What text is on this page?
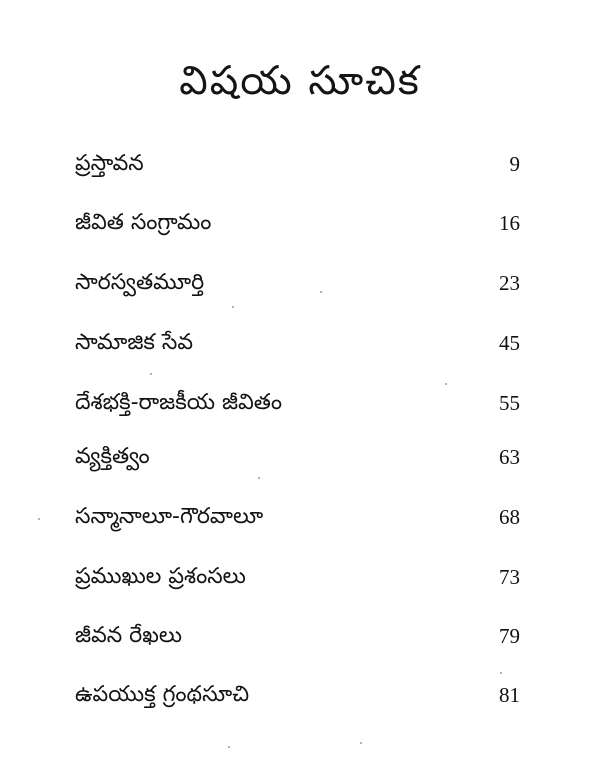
విషయ సూచిక
ప్రస్తావన	9
జీవిత సంగ్రామం	16
సారస్వతమూర్తి	23
సామాజిక సేవ	45
దేశభక్తి-రాజకీయ జీవితం	55
వ్యక్తిత్వం	63
సన్మానాలూ-గౌరవాలూ	68
ప్రముఖుల ప్రశంసలు	73
జీవన రేఖలు	79
ఉపయుక్త గ్రంథసూచి	81
